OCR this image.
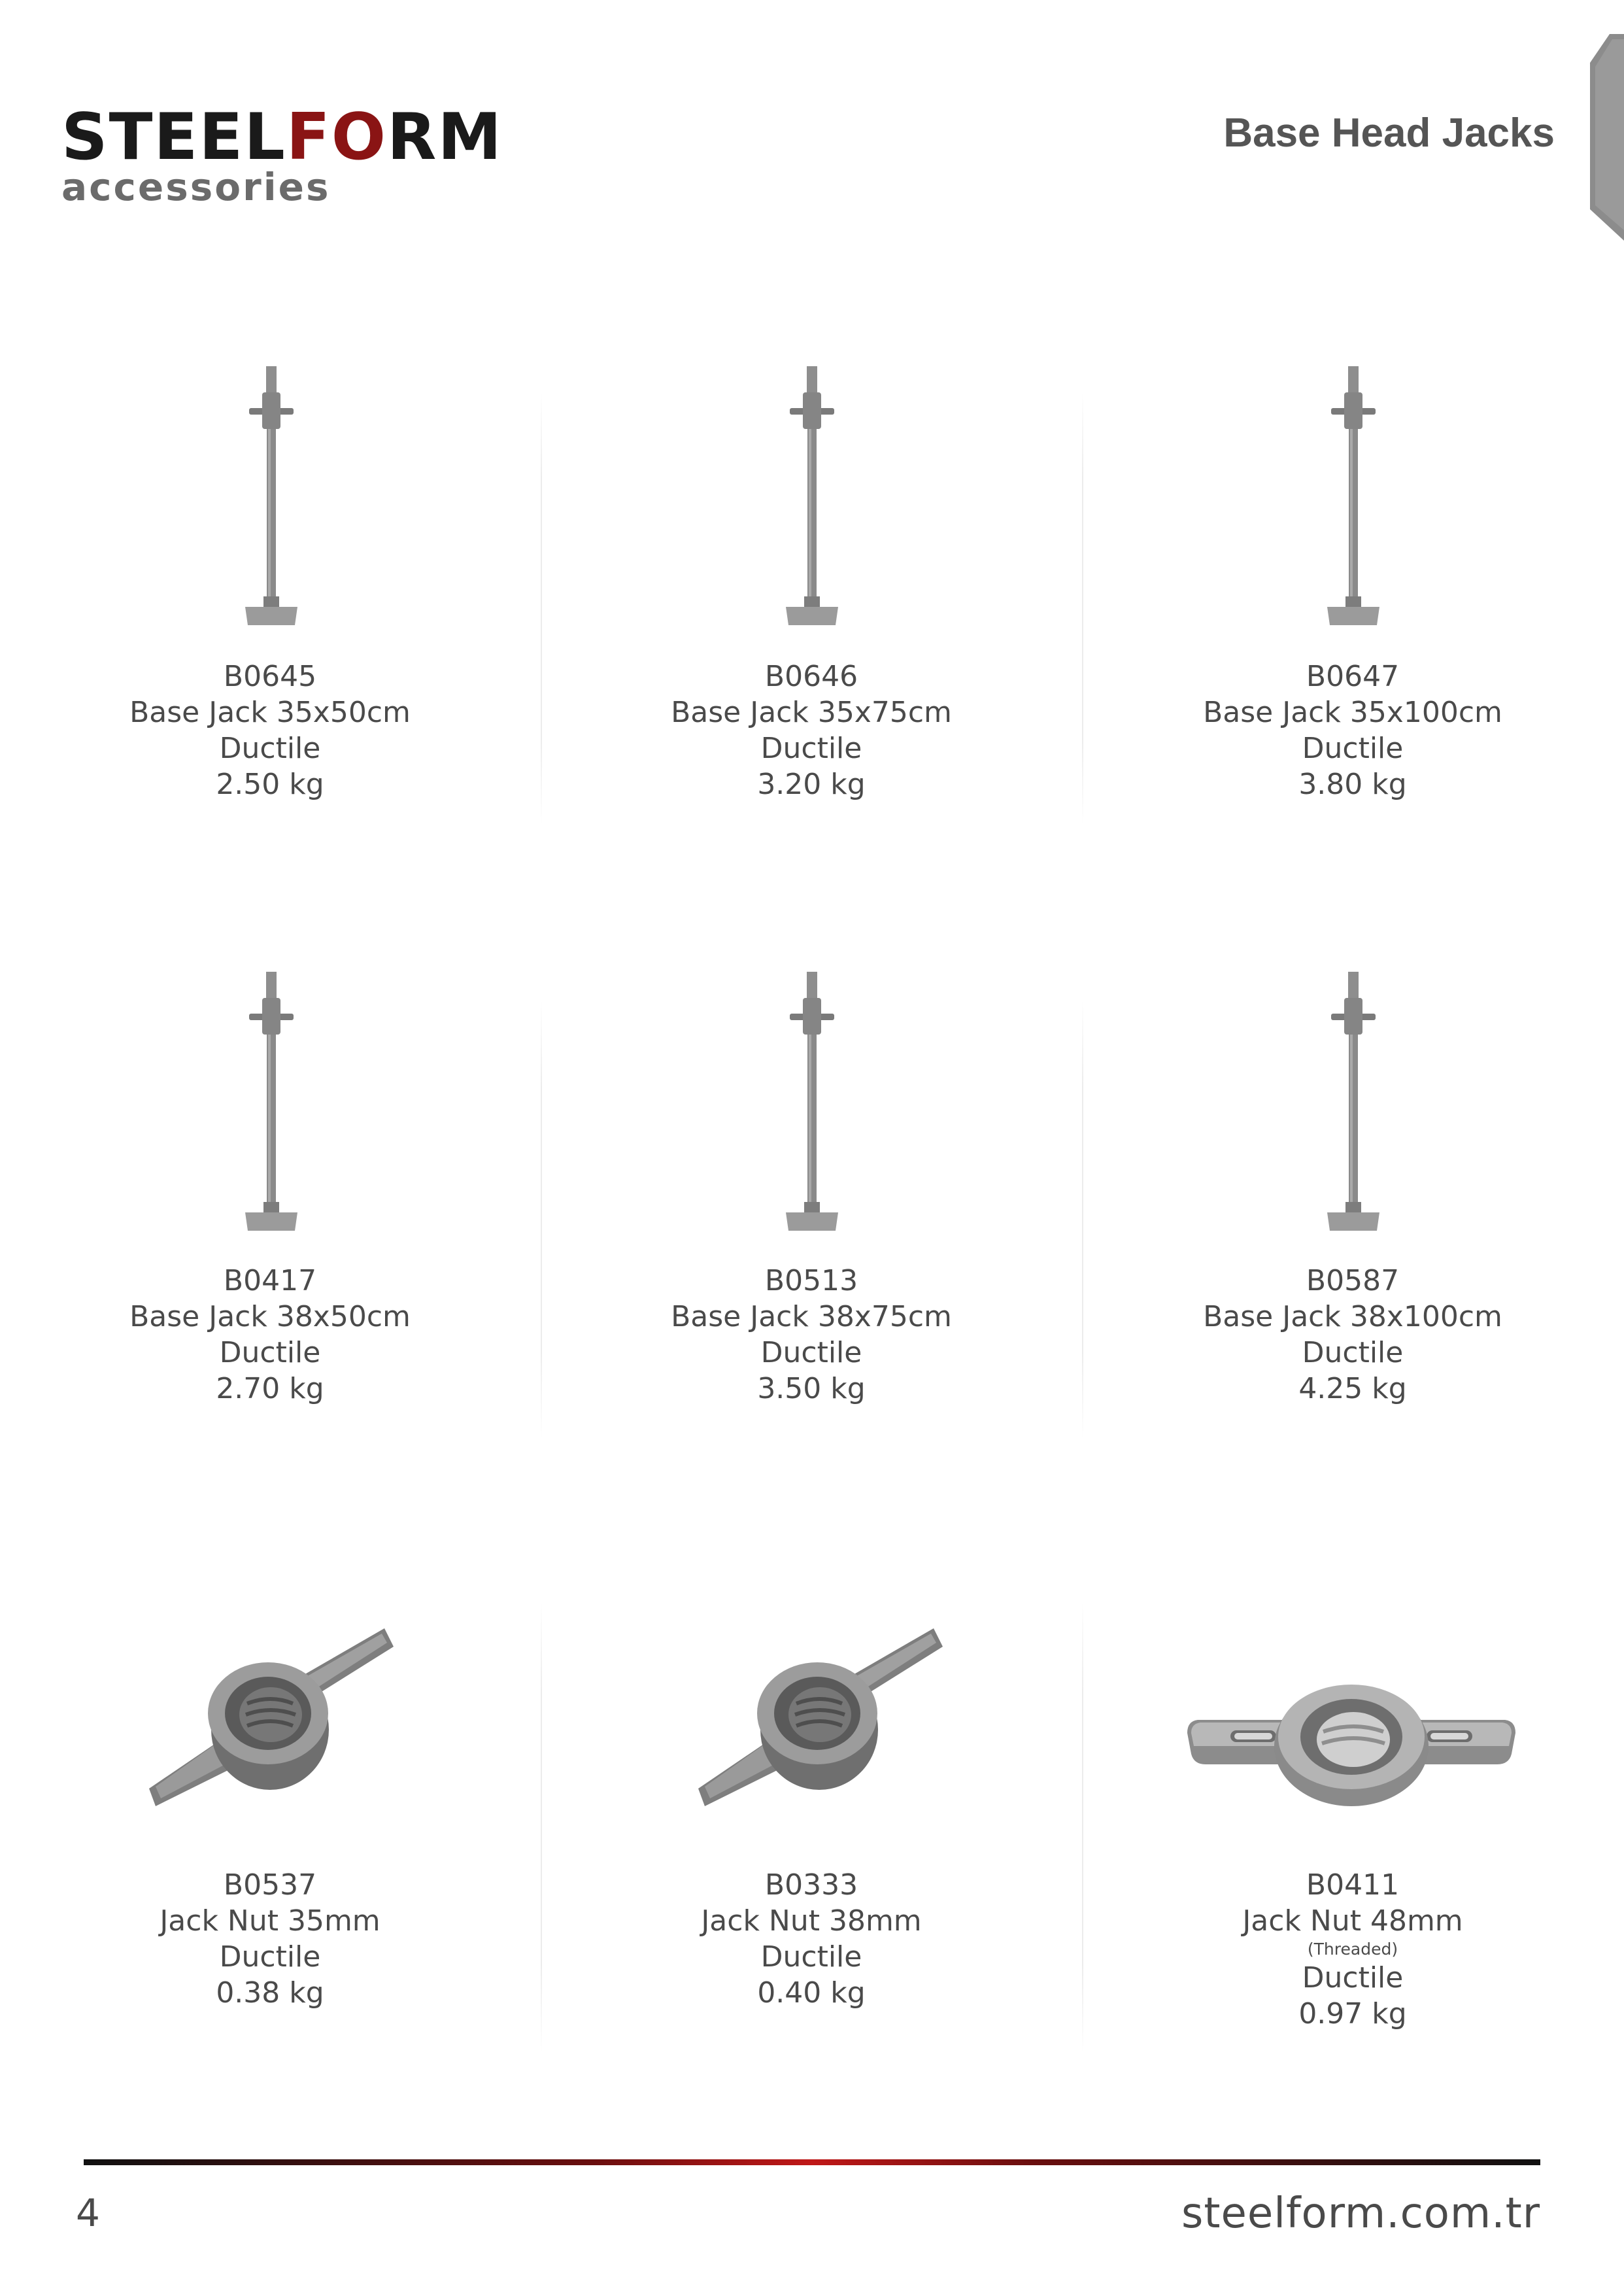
STEELFORM
accessories
Base Head Jacks
B0645
Base Jack 35x50cm
Ductile
2.50 kg
B0646
Base Jack 35x75cm
Ductile
3.20 kg
B0647
Base Jack 35x100cm
Ductile
3.80 kg
B0417
Base Jack 38x50cm
Ductile
2.70 kg
B0513
Base Jack 38x75cm
Ductile
3.50 kg
B0587
Base Jack 38x100cm
Ductile
4.25 kg
B0537
Jack Nut 35mm
Ductile
0.38 kg
B0333
Jack Nut 38mm
Ductile
0.40 kg
B0411
Jack Nut 48mm
(Threaded)
Ductile
0.97 kg
4	steelform.com.tr
